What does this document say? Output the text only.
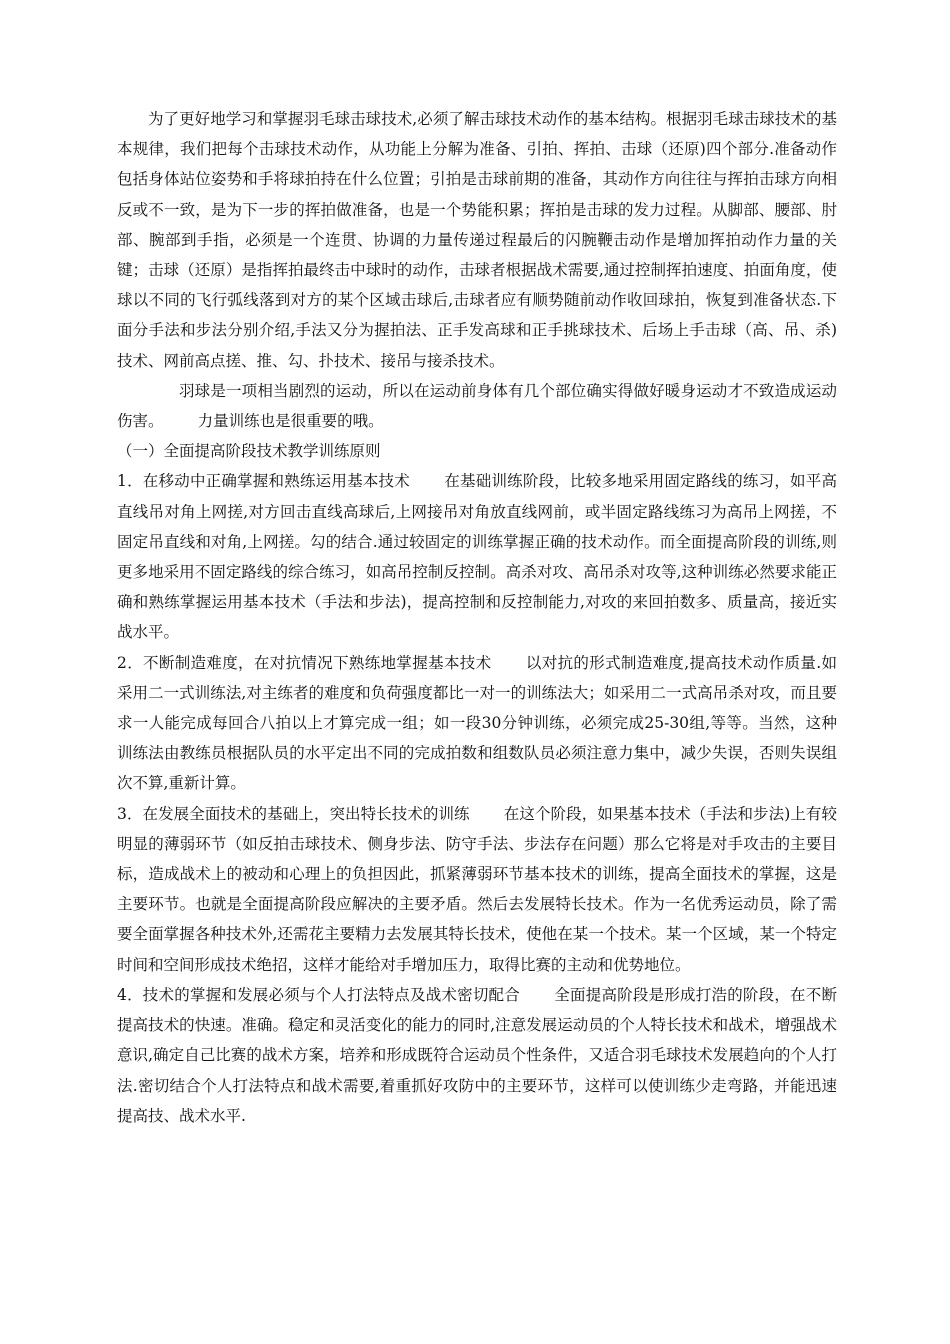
为了更好地学习和掌握羽毛球击球技术,必须了解击球技术动作的基本结构。根据羽毛球击球技术的基本规律，我们把每个击球技术动作，从功能上分解为准备、引拍、挥拍、击球（还原)四个部分.准备动作包括身体站位姿势和手将球拍持在什么位置；引拍是击球前期的准备，其动作方向往往与挥拍击球方向相反或不一致，是为下一步的挥拍做准备，也是一个势能积累；挥拍是击球的发力过程。从脚部、腰部、肘部、腕部到手指，必须是一个连贯、协调的力量传递过程最后的闪腕鞭击动作是增加挥拍动作力量的关键；击球（还原）是指挥拍最终击中球时的动作，击球者根据战术需要,通过控制挥拍速度、拍面角度，使球以不同的飞行弧线落到对方的某个区域击球后,击球者应有顺势随前动作收回球拍，恢复到准备状态.下面分手法和步法分别介绍,手法又分为握拍法、正手发高球和正手挑球技术、后场上手击球（高、吊、杀)技术、网前高点搓、推、勾、扑技术、接吊与接杀技术。

羽球是一项相当剧烈的运动，所以在运动前身体有几个部位确实得做好暖身运动才不致造成运动伤害。 力量训练也是很重要的哦。

（一）全面提高阶段技术教学训练原则

1．在移动中正确掌握和熟练运用基本技术 在基础训练阶段，比较多地采用固定路线的练习，如平高直线吊对角上网搓,对方回击直线高球后,上网接吊对角放直线网前，或半固定路线练习为高吊上网搓，不固定吊直线和对角,上网搓。勾的结合.通过较固定的训练掌握正确的技术动作。而全面提高阶段的训练,则更多地采用不固定路线的综合练习，如高吊控制反控制。高杀对攻、高吊杀对攻等,这种训练必然要求能正确和熟练掌握运用基本技术（手法和步法)，提高控制和反控制能力,对攻的来回拍数多、质量高，接近实战水平。

2．不断制造难度，在对抗情况下熟练地掌握基本技术 以对抗的形式制造难度,提高技术动作质量.如采用二一式训练法,对主练者的难度和负荷强度都比一对一的训练法大；如采用二一式高吊杀对攻，而且要求一人能完成每回合八拍以上才算完成一组；如一段30分钟训练，必须完成25-30组,等等。当然，这种训练法由教练员根据队员的水平定出不同的完成拍数和组数队员必须注意力集中，减少失误，否则失误组次不算,重新计算。

3．在发展全面技术的基础上，突出特长技术的训练 在这个阶段，如果基本技术（手法和步法)上有较明显的薄弱环节（如反拍击球技术、侧身步法、防守手法、步法存在问题）那么它将是对手攻击的主要目标，造成战术上的被动和心理上的负担因此，抓紧薄弱环节基本技术的训练，提高全面技术的掌握，这是主要环节。也就是全面提高阶段应解决的主要矛盾。然后去发展特长技术。作为一名优秀运动员，除了需要全面掌握各种技术外,还需花主要精力去发展其特长技术，使他在某一个技术。某一个区域，某一个特定时间和空间形成技术绝招，这样才能给对手增加压力，取得比赛的主动和优势地位。

4．技术的掌握和发展必须与个人打法特点及战术密切配合 全面提高阶段是形成打浩的阶段，在不断提高技术的快速。准确。稳定和灵活变化的能力的同时,注意发展运动员的个人特长技术和战术，增强战术意识,确定自己比赛的战术方案，培养和形成既符合运动员个性条件，又适合羽毛球技术发展趋向的个人打法.密切结合个人打法特点和战术需要,着重抓好攻防中的主要环节，这样可以使训练少走弯路，并能迅速提高技、战术水平.
